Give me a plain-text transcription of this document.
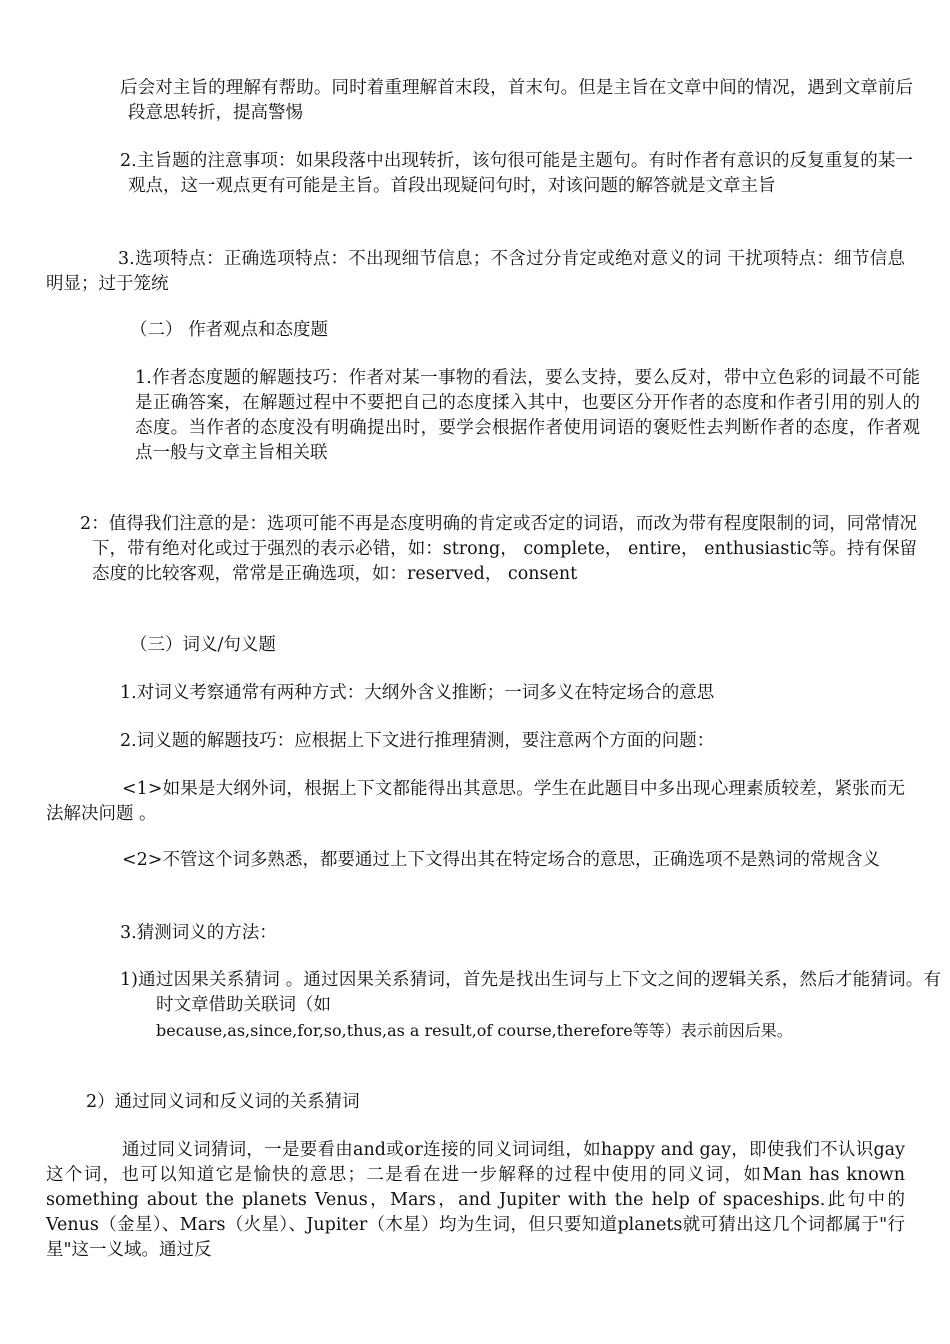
后会对主旨的理解有帮助。同时着重理解首末段，首末句。但是主旨在文章中间的情况，遇到文章前后段意思转折，提高警惕

2.主旨题的注意事项：如果段落中出现转折，该句很可能是主题句。有时作者有意识的反复重复的某一观点，这一观点更有可能是主旨。首段出现疑问句时，对该问题的解答就是文章主旨

3.选项特点：正确选项特点：不出现细节信息；不含过分肯定或绝对意义的词 干扰项特点：细节信息明显；过于笼统

（二） 作者观点和态度题

1.作者态度题的解题技巧：作者对某一事物的看法，要么支持，要么反对，带中立色彩的词最不可能是正确答案，在解题过程中不要把自己的态度揉入其中，也要区分开作者的态度和作者引用的别人的态度。当作者的态度没有明确提出时，要学会根据作者使用词语的褒贬性去判断作者的态度，作者观点一般与文章主旨相关联

2：值得我们注意的是：选项可能不再是态度明确的肯定或否定的词语，而改为带有程度限制的词，同常情况下，带有绝对化或过于强烈的表示必错，如：strong， complete， entire， enthusiastic等。持有保留态度的比较客观，常常是正确选项，如：reserved， consent

（三）词义/句义题

1.对词义考察通常有两种方式：大纲外含义推断；一词多义在特定场合的意思

2.词义题的解题技巧：应根据上下文进行推理猜测，要注意两个方面的问题：

<1>如果是大纲外词，根据上下文都能得出其意思。学生在此题目中多出现心理素质较差，紧张而无法解决问题 。

<2>不管这个词多熟悉，都要通过上下文得出其在特定场合的意思，正确选项不是熟词的常规含义

3.猜测词义的方法：

1)通过因果关系猜词 。通过因果关系猜词，首先是找出生词与上下文之间的逻辑关系，然后才能猜词。有时文章借助关联词（如
because,as,since,for,so,thus,as a result,of course,therefore等等）表示前因后果。

2）通过同义词和反义词的关系猜词

通过同义词猜词，一是要看由and或or连接的同义词词组，如happy and gay，即使我们不认识gay这个词，也可以知道它是愉快的意思；二是看在进一步解释的过程中使用的同义词，如Man has known something about the planets Venus，Mars，and Jupiter with the help of spaceships.此句中的Venus（金星）、Mars（火星）、Jupiter（木星）均为生词，但只要知道planets就可猜出这几个词都属于"行星"这一义域。通过反
